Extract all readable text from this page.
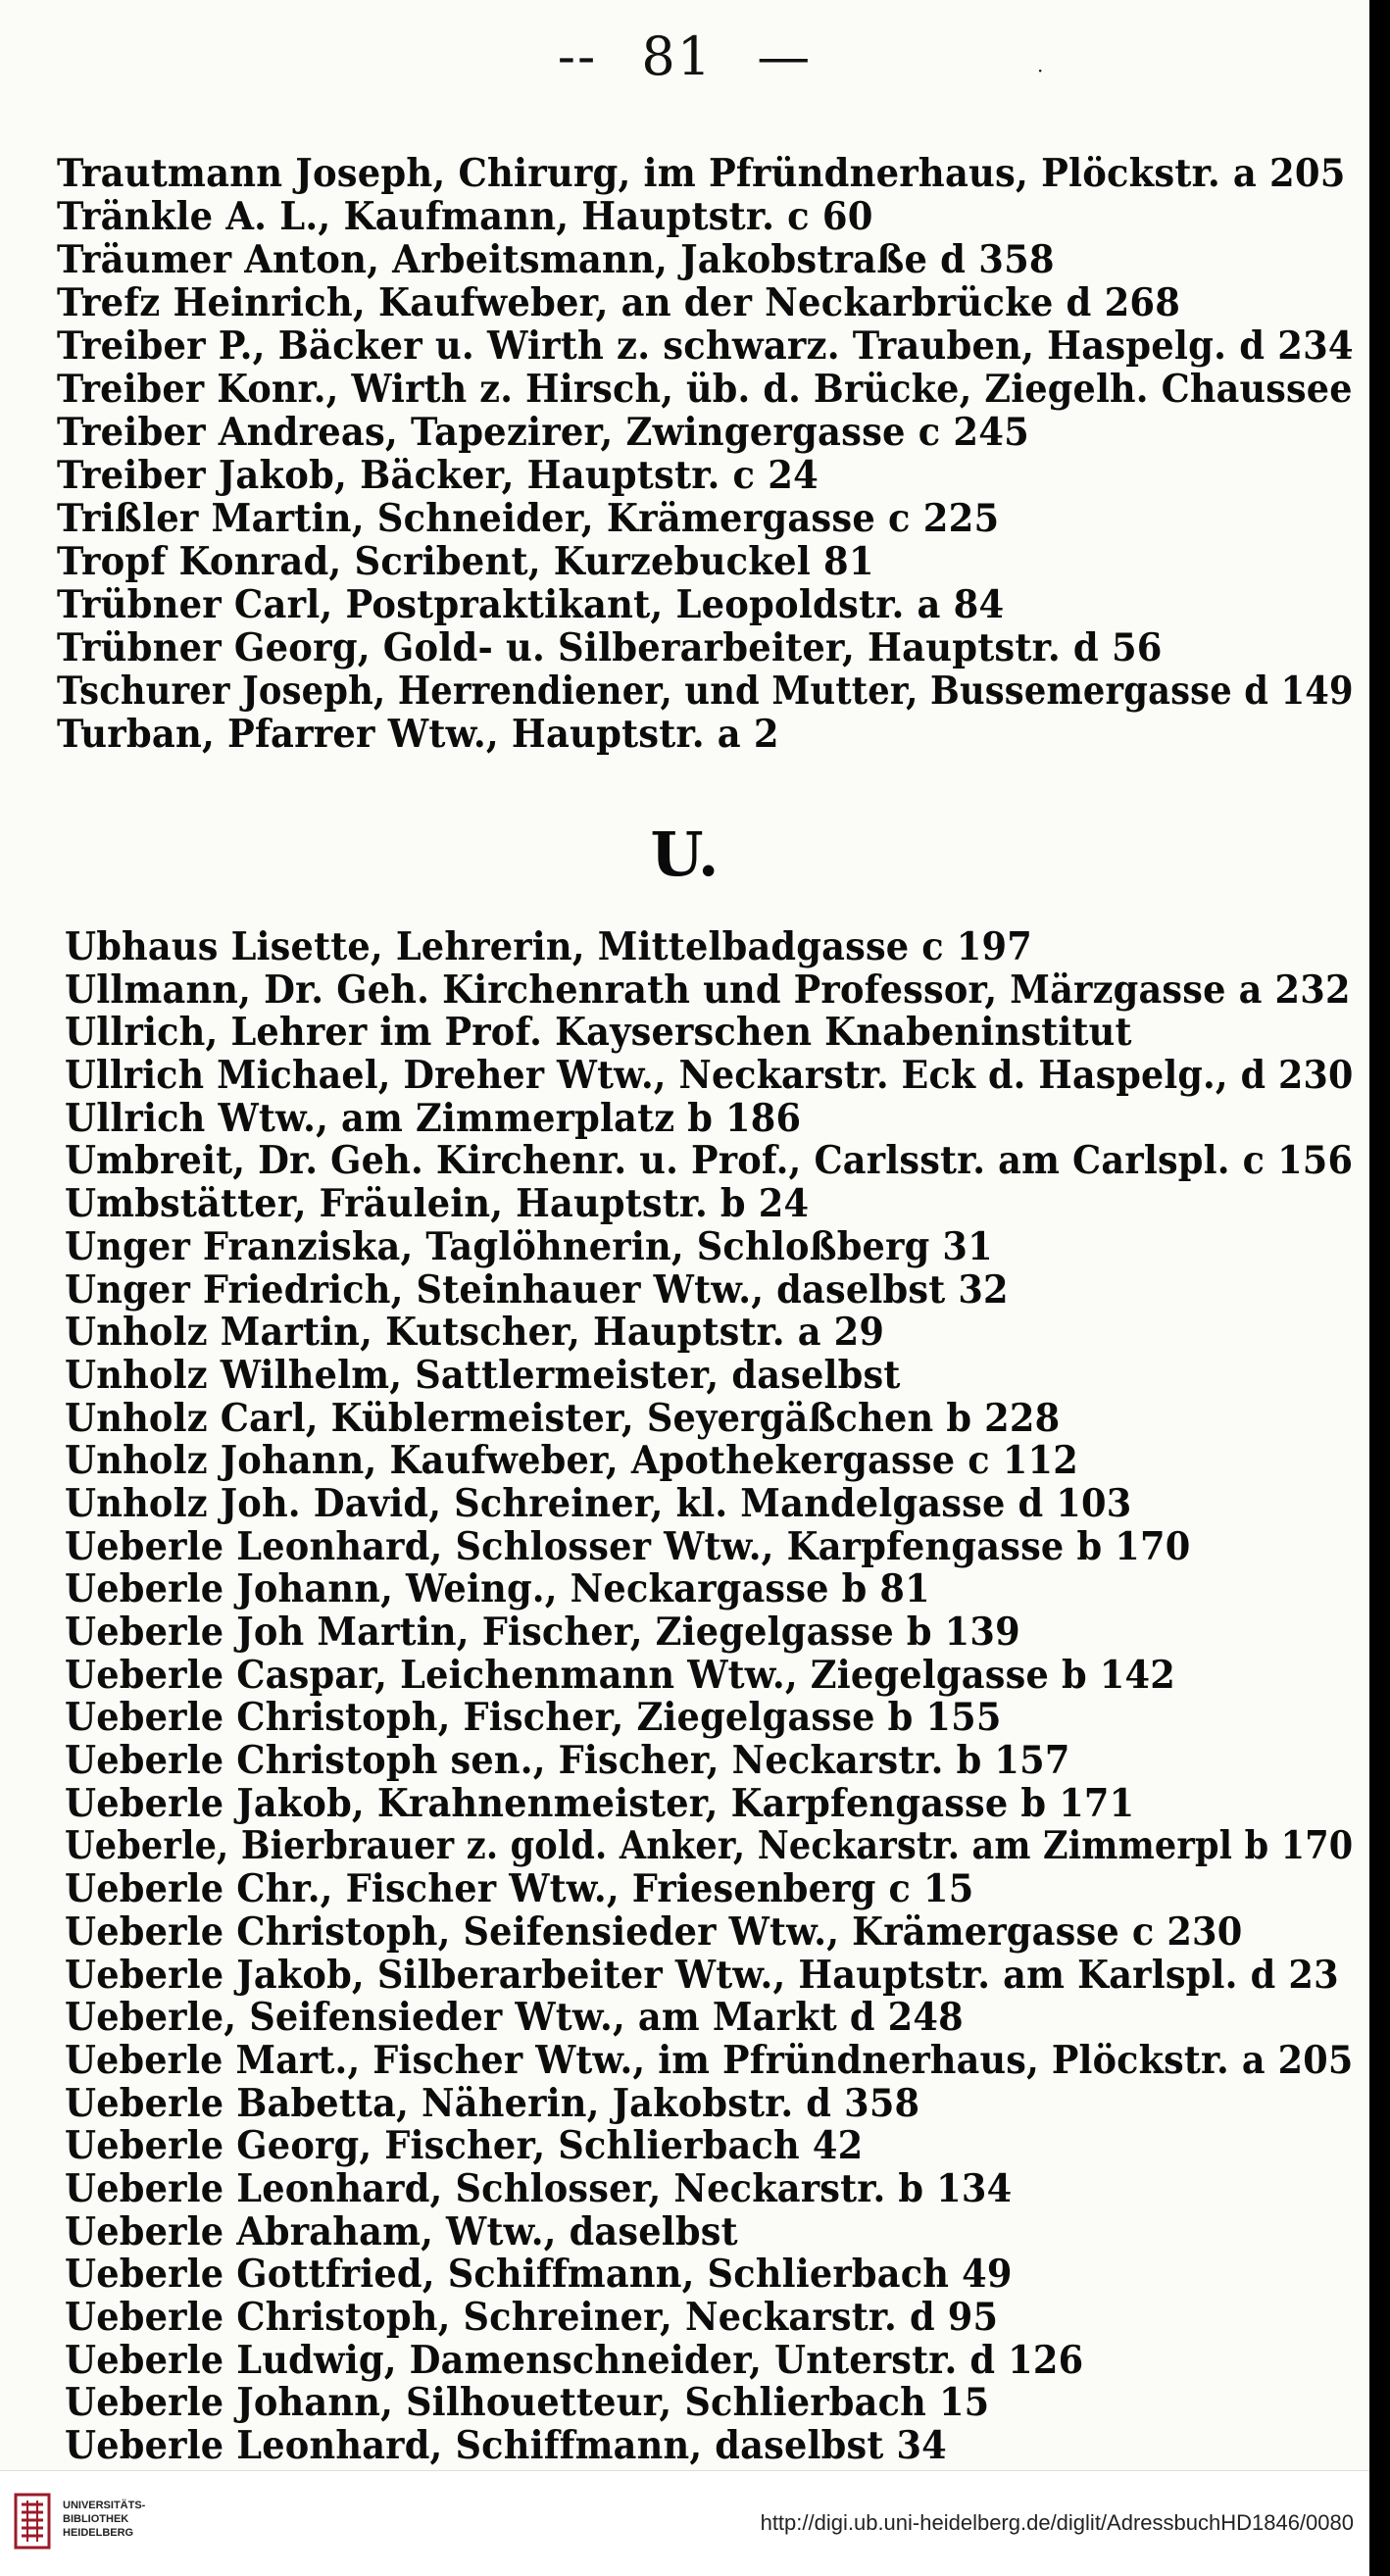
-- 81 —	·
Trautmann Joseph, Chirurg, im Pfründnerhaus, Plöckstr. a 205
Tränkle A. L., Kaufmann, Hauptstr. c 60
Träumer Anton, Arbeitsmann, Jakobstraße d 358
Trefz Heinrich, Kaufweber, an der Neckarbrücke d 268
Treiber P., Bäcker u. Wirth z. schwarz. Trauben, Haspelg. d 234
Treiber Konr., Wirth z. Hirsch, üb. d. Brücke, Ziegelh. Chaussee
Treiber Andreas, Tapezirer, Zwingergasse c 245
Treiber Jakob, Bäcker, Hauptstr. c 24
Trißler Martin, Schneider, Krämergasse c 225
Tropf Konrad, Scribent, Kurzebuckel 81
Trübner Carl, Postpraktikant, Leopoldstr. a 84
Trübner Georg, Gold- u. Silberarbeiter, Hauptstr. d 56
Tschurer Joseph, Herrendiener, und Mutter, Bussemergasse d 149
Turban, Pfarrer Wtw., Hauptstr. a 2
U.
Ubhaus Lisette, Lehrerin, Mittelbadgasse c 197
Ullmann, Dr. Geh. Kirchenrath und Professor, Märzgasse a 232
Ullrich, Lehrer im Prof. Kayserschen Knabeninstitut
Ullrich Michael, Dreher Wtw., Neckarstr. Eck d. Haspelg., d 230
Ullrich Wtw., am Zimmerplatz b 186
Umbreit, Dr. Geh. Kirchenr. u. Prof., Carlsstr. am Carlspl. c 156
Umbstätter, Fräulein, Hauptstr. b 24
Unger Franziska, Taglöhnerin, Schloßberg 31
Unger Friedrich, Steinhauer Wtw., daselbst 32
Unholz Martin, Kutscher, Hauptstr. a 29
Unholz Wilhelm, Sattlermeister, daselbst
Unholz Carl, Küblermeister, Seyergäßchen b 228
Unholz Johann, Kaufweber, Apothekergasse c 112
Unholz Joh. David, Schreiner, kl. Mandelgasse d 103
Ueberle Leonhard, Schlosser Wtw., Karpfengasse b 170
Ueberle Johann, Weing., Neckargasse b 81
Ueberle Joh Martin, Fischer, Ziegelgasse b 139
Ueberle Caspar, Leichenmann Wtw., Ziegelgasse b 142
Ueberle Christoph, Fischer, Ziegelgasse b 155
Ueberle Christoph sen., Fischer, Neckarstr. b 157
Ueberle Jakob, Krahnenmeister, Karpfengasse b 171
Ueberle, Bierbrauer z. gold. Anker, Neckarstr. am Zimmerpl b 170
Ueberle Chr., Fischer Wtw., Friesenberg c 15
Ueberle Christoph, Seifensieder Wtw., Krämergasse c 230
Ueberle Jakob, Silberarbeiter Wtw., Hauptstr. am Karlspl. d 23
Ueberle, Seifensieder Wtw., am Markt d 248
Ueberle Mart., Fischer Wtw., im Pfründnerhaus, Plöckstr. a 205
Ueberle Babetta, Näherin, Jakobstr. d 358
Ueberle Georg, Fischer, Schlierbach 42
Ueberle Leonhard, Schlosser, Neckarstr. b 134
Ueberle Abraham, Wtw., daselbst
Ueberle Gottfried, Schiffmann, Schlierbach 49
Ueberle Christoph, Schreiner, Neckarstr. d 95
Ueberle Ludwig, Damenschneider, Unterstr. d 126
Ueberle Johann, Silhouetteur, Schlierbach 15
Ueberle Leonhard, Schiffmann, daselbst 34
UNIVERSITÄTS-
BIBLIOTHEK
HEIDELBERG	http://digi.ub.uni-heidelberg.de/diglit/AdressbuchHD1846/0080
